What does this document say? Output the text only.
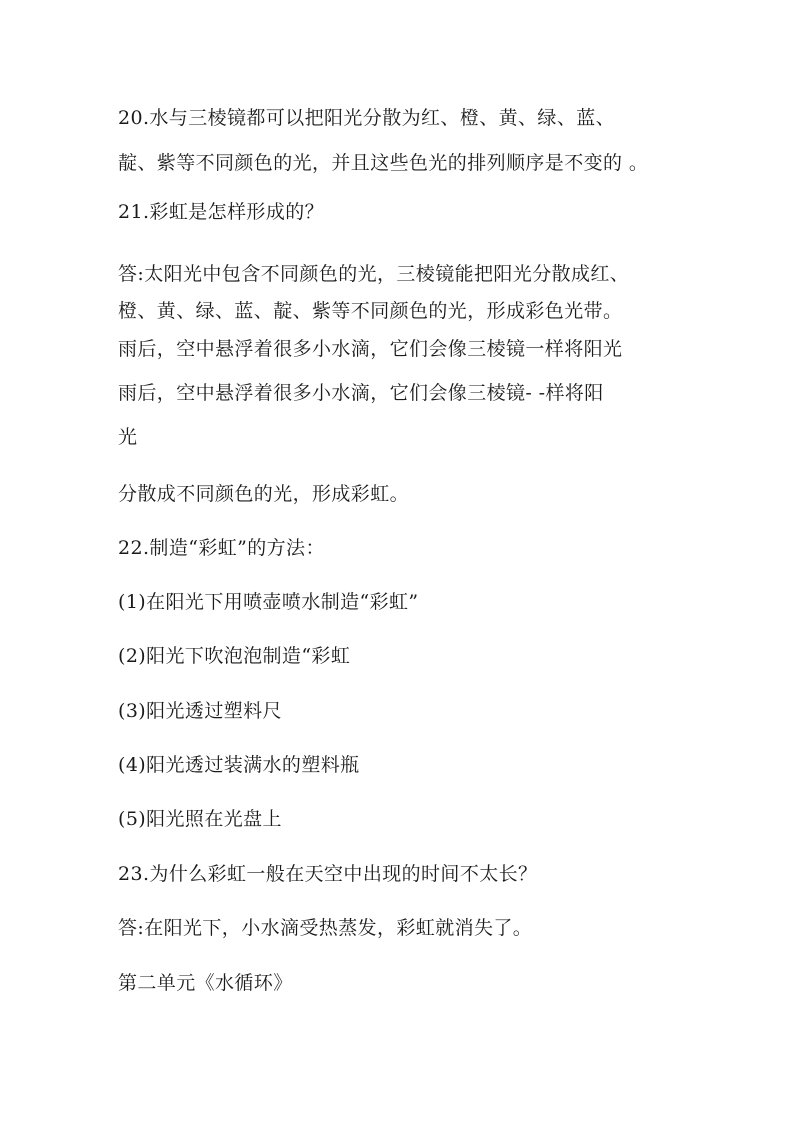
20.水与三棱镜都可以把阳光分散为红、橙、黄、绿、蓝、
靛、紫等不同颜色的光，并且这些色光的排列顺序是不变的 。
21.彩虹是怎样形成的？
答:太阳光中包含不同颜色的光，三棱镜能把阳光分散成红、
橙、黄、绿、蓝、靛、紫等不同颜色的光，形成彩色光带。
雨后，空中悬浮着很多小水滴，它们会像三棱镜一样将阳光
雨后，空中悬浮着很多小水滴，它们会像三棱镜- -样将阳
光
分散成不同颜色的光，形成彩虹。
22.制造“彩虹”的方法：
(1)在阳光下用喷壶喷水制造“彩虹”
(2)阳光下吹泡泡制造“彩虹
(3)阳光透过塑料尺
(4)阳光透过装满水的塑料瓶
(5)阳光照在光盘上
23.为什么彩虹一般在天空中出现的时间不太长？
答:在阳光下，小水滴受热蒸发，彩虹就消失了。
第二单元《水循环》
